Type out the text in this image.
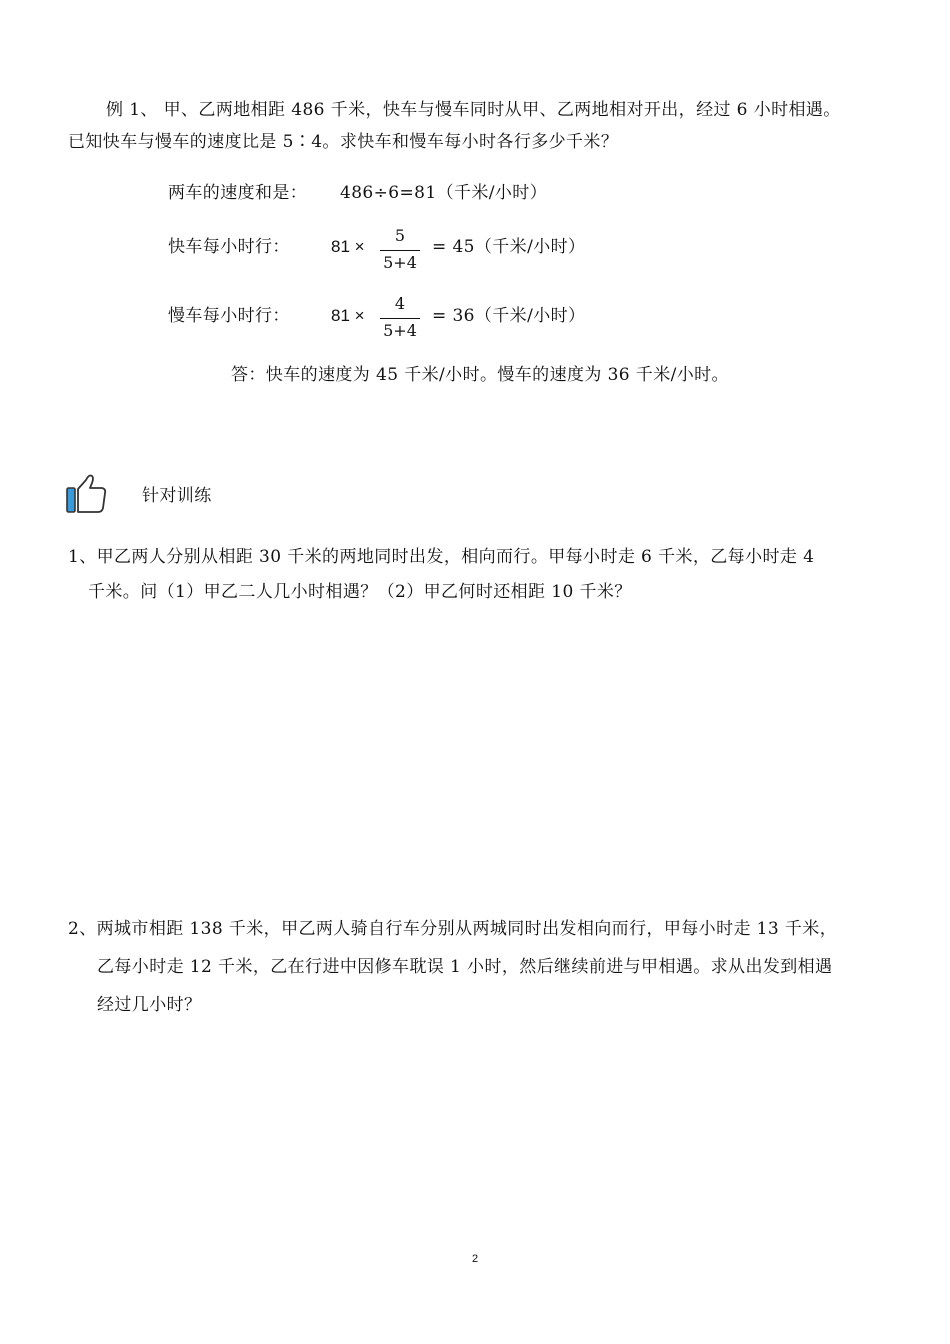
例 1、 甲、乙两地相距 486 千米，快车与慢车同时从甲、乙两地相对开出，经过 6 小时相遇。
已知快车与慢车的速度比是 5∶4。求快车和慢车每小时各行多少千米？
两车的速度和是： 486÷6=81（千米/小时）
快车每小时行： 81 ×
5
5+4
= 45（千米/小时）
慢车每小时行： 81 ×
4
5+4
= 36（千米/小时）
答：快车的速度为 45 千米/小时。慢车的速度为 36 千米/小时。
针对训练
1、甲乙两人分别从相距 30 千米的两地同时出发，相向而行。甲每小时走 6 千米，乙每小时走 4
千米。问（1）甲乙二人几小时相遇？（2）甲乙何时还相距 10 千米？
2、两城市相距 138 千米，甲乙两人骑自行车分别从两城同时出发相向而行，甲每小时走 13 千米，
乙每小时走 12 千米，乙在行进中因修车耽误 1 小时，然后继续前进与甲相遇。求从出发到相遇
经过几小时？
2
